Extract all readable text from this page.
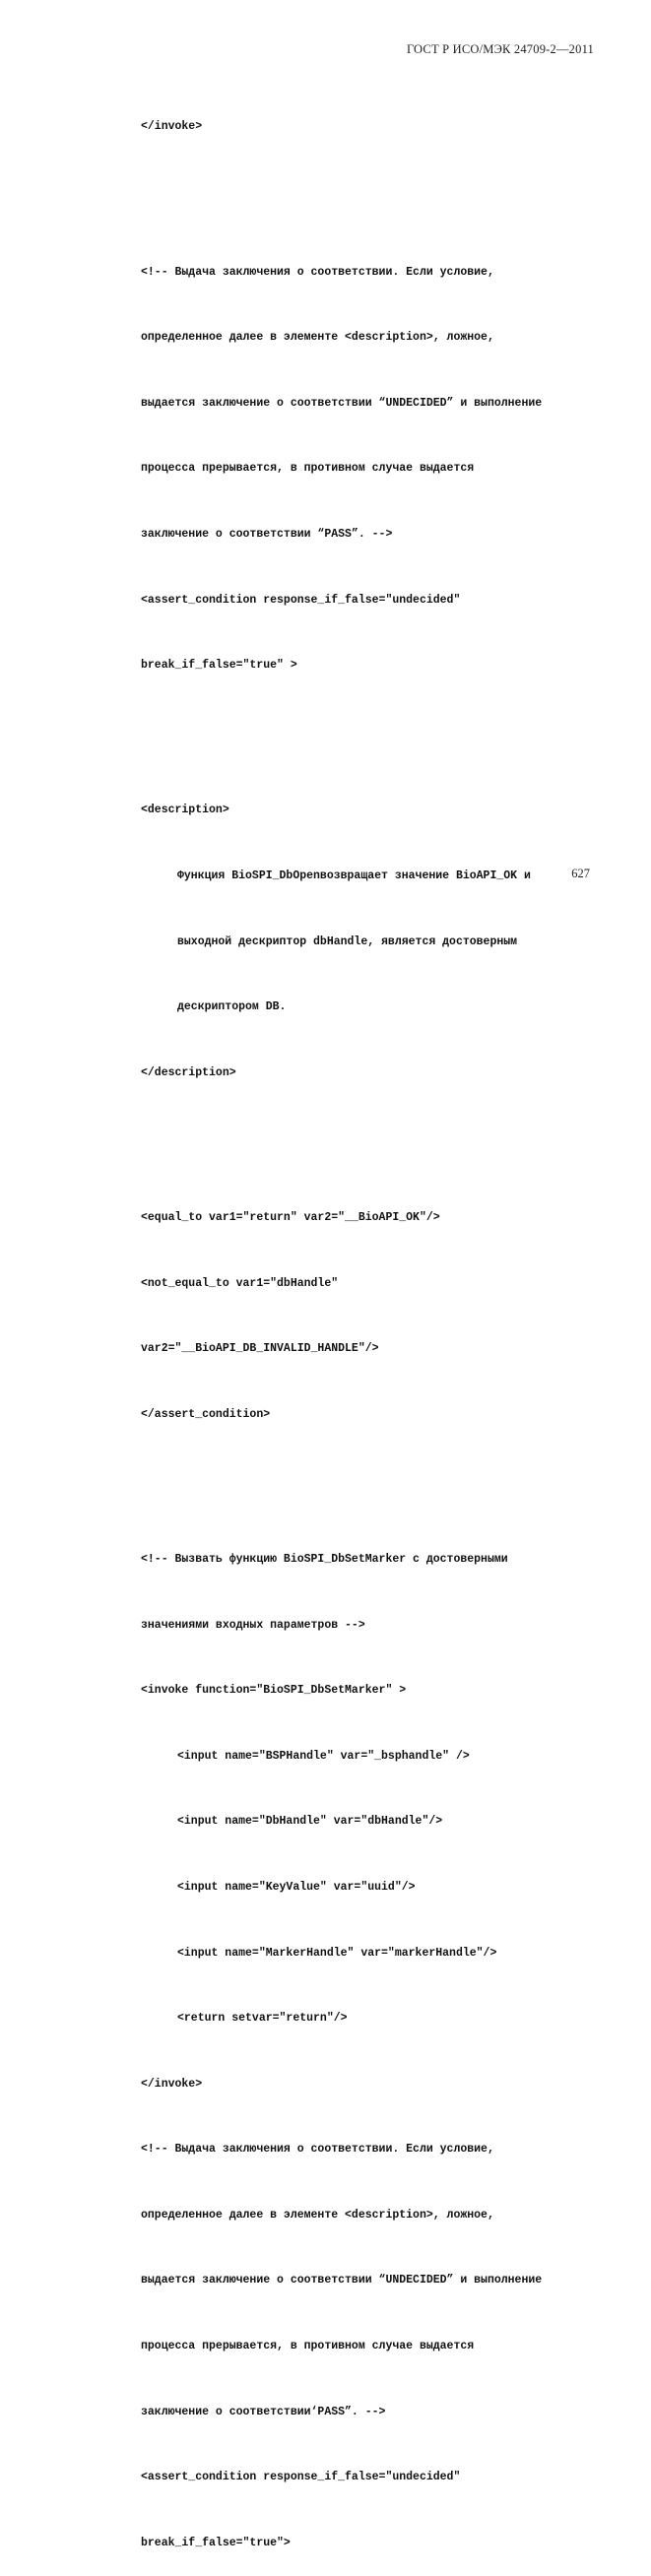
ГОСТ Р ИСО/МЭК 24709-2—2011

</invoke>

<!-- Выдача заключения о соответствии. Если условие,

определенное далее в элементе <description>, ложное,

выдается заключение о соответствии “UNDECIDED” и выполнение

процесса прерывается, в противном случае выдается

заключение о соответствии “PASS”. -->

<assert_condition response_if_false="undecided"

break_if_false="true" >

<description>

Функция BioSPI_DbOpenвозвращает значение BioAPI_OK и

выходной дескриптор dbHandle, является достоверным

дескриптором DB.

</description>

<equal_to var1="return" var2="__BioAPI_OK"/>

<not_equal_to var1="dbHandle"

var2="__BioAPI_DB_INVALID_HANDLE"/>

</assert_condition>

<!-- Вызвать функцию BioSPI_DbSetMarker с достоверными

значениями входных параметров -->

<invoke function="BioSPI_DbSetMarker" >

<input name="BSPHandle" var="_bsphandle" />

<input name="DbHandle" var="dbHandle"/>

<input name="KeyValue" var="uuid"/>

<input name="MarkerHandle" var="markerHandle"/>

<return setvar="return"/>

</invoke>

<!-- Выдача заключения о соответствии. Если условие,

определенное далее в элементе <description>, ложное,

выдается заключение о соответствии “UNDECIDED” и выполнение

процесса прерывается, в противном случае выдается

заключение о соответствии‘PASS”. -->

<assert_condition response_if_false="undecided"

break_if_false="true">

627
